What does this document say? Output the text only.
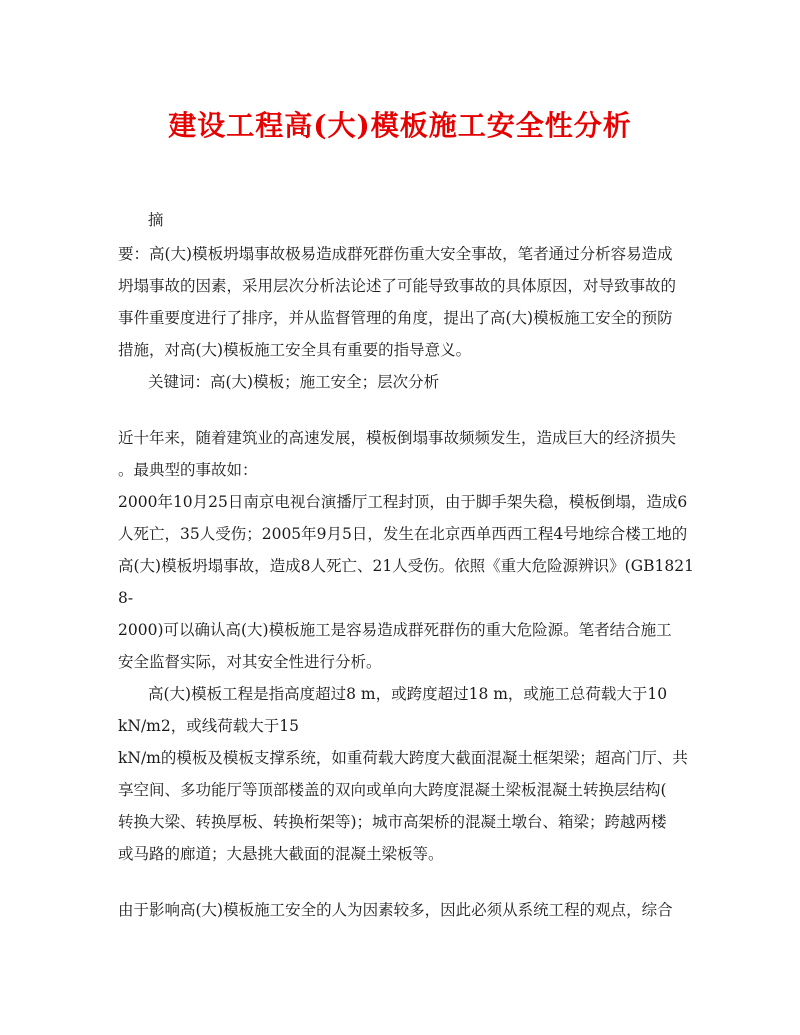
建设工程高(大)模板施工安全性分析
摘
要：高(大)模板坍塌事故极易造成群死群伤重大安全事故，笔者通过分析容易造成
坍塌事故的因素，采用层次分析法论述了可能导致事故的具体原因，对导致事故的
事件重要度进行了排序，并从监督管理的角度，提出了高(大)模板施工安全的预防
措施，对高(大)模板施工安全具有重要的指导意义。
关键词：高(大)模板；施工安全；层次分析
近十年来，随着建筑业的高速发展，模板倒塌事故频频发生，造成巨大的经济损失
。最典型的事故如：
2000年10月25日南京电视台演播厅工程封顶，由于脚手架失稳，模板倒塌，造成6
人死亡，35人受伤；2005年9月5日，发生在北京西单西西工程4号地综合楼工地的
高(大)模板坍塌事故，造成8人死亡、21人受伤。依照《重大危险源辨识》(GB1821
8-
2000)可以确认高(大)模板施工是容易造成群死群伤的重大危险源。笔者结合施工
安全监督实际，对其安全性进行分析。
高(大)模板工程是指高度超过8 m，或跨度超过18 m，或施工总荷载大于10
kN/m2，或线荷载大于15
kN/m的模板及模板支撑系统，如重荷载大跨度大截面混凝土框架梁；超高门厅、共
享空间、多功能厅等顶部楼盖的双向或单向大跨度混凝土梁板混凝土转换层结构(
转换大梁、转换厚板、转换桁架等)；城市高架桥的混凝土墩台、箱梁；跨越两楼
或马路的廊道；大悬挑大截面的混凝土梁板等。
由于影响高(大)模板施工安全的人为因素较多，因此必须从系统工程的观点，综合
